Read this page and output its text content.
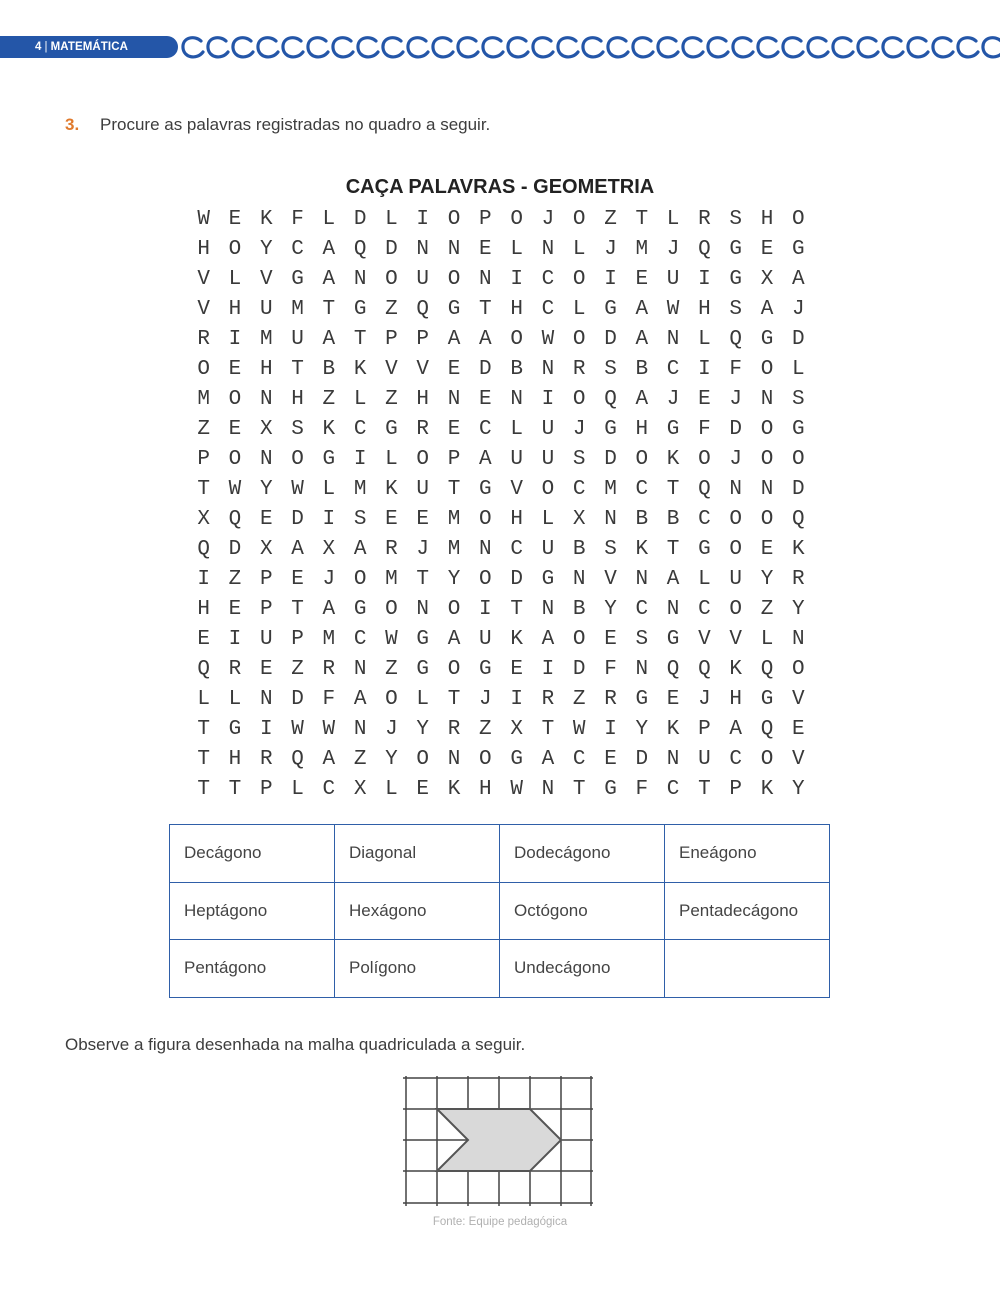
4 | MATEMÁTICA
3. Procure as palavras registradas no quadro a seguir.
CAÇA PALAVRAS - GEOMETRIA
W E K F L D L I O P O J O Z T L R S H O
H O Y C A Q D N N E L N L J M J Q G E G
V L V G A N O U O N I C O I E U I G X A
V H U M T G Z Q G T H C L G A W H S A J
R I M U A T P P A A O W O D A N L Q G D
O E H T B K V V E D B N R S B C I F O L
M O N H Z L Z H N E N I O Q A J E J N S
Z E X S K C G R E C L U J G H G F D O G
P O N O G I L O P A U U S D O K O J O O
T W Y W L M K U T G V O C M C T Q N N D
X Q E D I S E E M O H L X N B B C O O Q
Q D X A X A R J M N C U B S K T G O E K
I Z P E J O M T Y O D G N V N A L U Y R
H E P T A G O N O I T N B Y C N C O Z Y
E I U P M C W G A U K A O E S G V V L N
Q R E Z R N Z G O G E I D F N Q Q K Q O
L L N D F A O L T J I R Z R G E J H G V
T G I W W N J Y R Z X T W I Y K P A Q E
T H R Q A Z Y O N O G A C E D N U C O V
T T P L C X L E K H W N T G F C T P K Y
Decágono	Diagonal	Dodecágono	Eneágono
Heptágono	Hexágono	Octógono	Pentadecágono
Pentágono	Polígono	Undecágono	
Observe a figura desenhada na malha quadriculada a seguir.
Fonte: Equipe pedagógica
